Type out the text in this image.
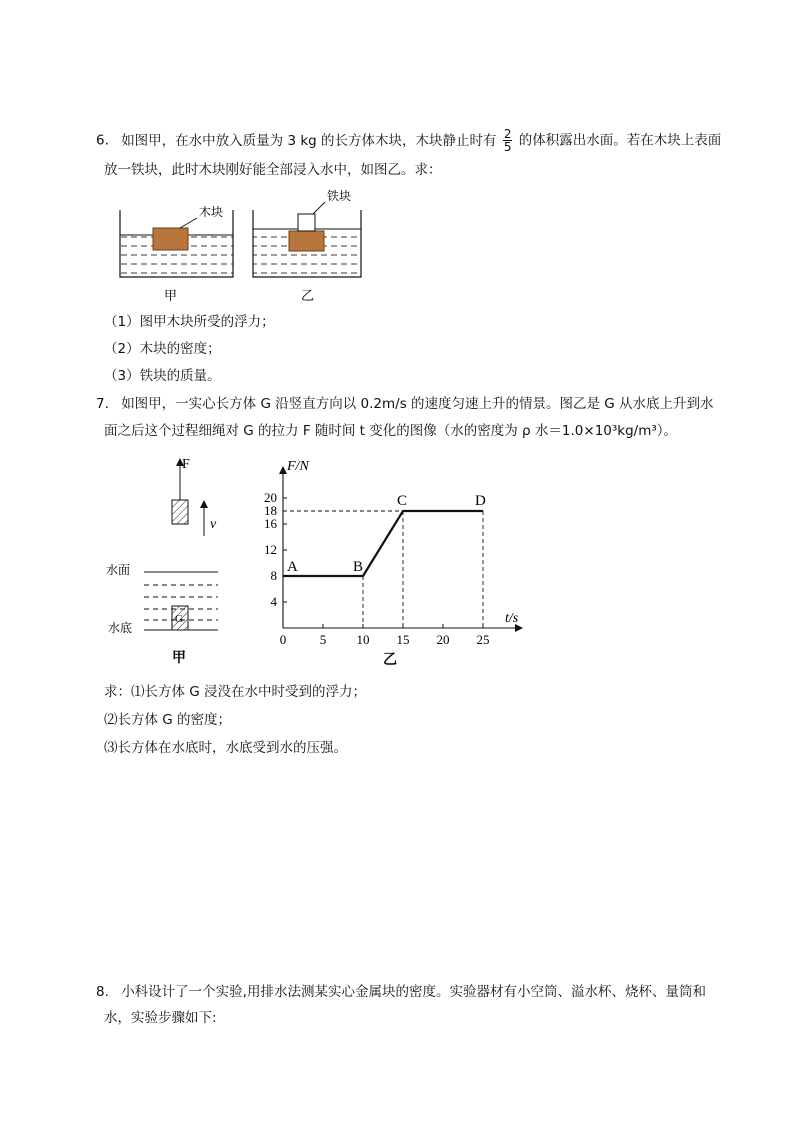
6. 如图甲，在水中放入质量为 3 kg 的长方体木块，木块静止时有 $\frac{2}{5}$ 的体积露出水面。若在木块上表面
放一铁块，此时木块刚好能全部浸入水中，如图乙。求：
木块
铁块
甲	乙
（1）图甲木块所受的浮力；
（2）木块的密度；
（3）铁块的质量。
7. 如图甲，一实心长方体 G 沿竖直方向以 0.2m/s 的速度匀速上升的情景。图乙是 G 从水底上升到水
面之后这个过程细绳对 G 的拉力 F 随时间 t 变化的图像（水的密度为 ρ 水＝1.0×10³kg/m³）。
F
v
水面
G
水底
甲
t/s
F/N
0	5 10 15 20 25
4
8
12
16
20
18
A	B
C	D
乙
求：⑴长方体 G 浸没在水中时受到的浮力；
⑵长方体 G 的密度；
⑶长方体在水底时，水底受到水的压强。
8. 小科设计了一个实验,用排水法测某实心金属块的密度。实验器材有小空筒、溢水杯、烧杯、量筒和
水，实验步骤如下:
